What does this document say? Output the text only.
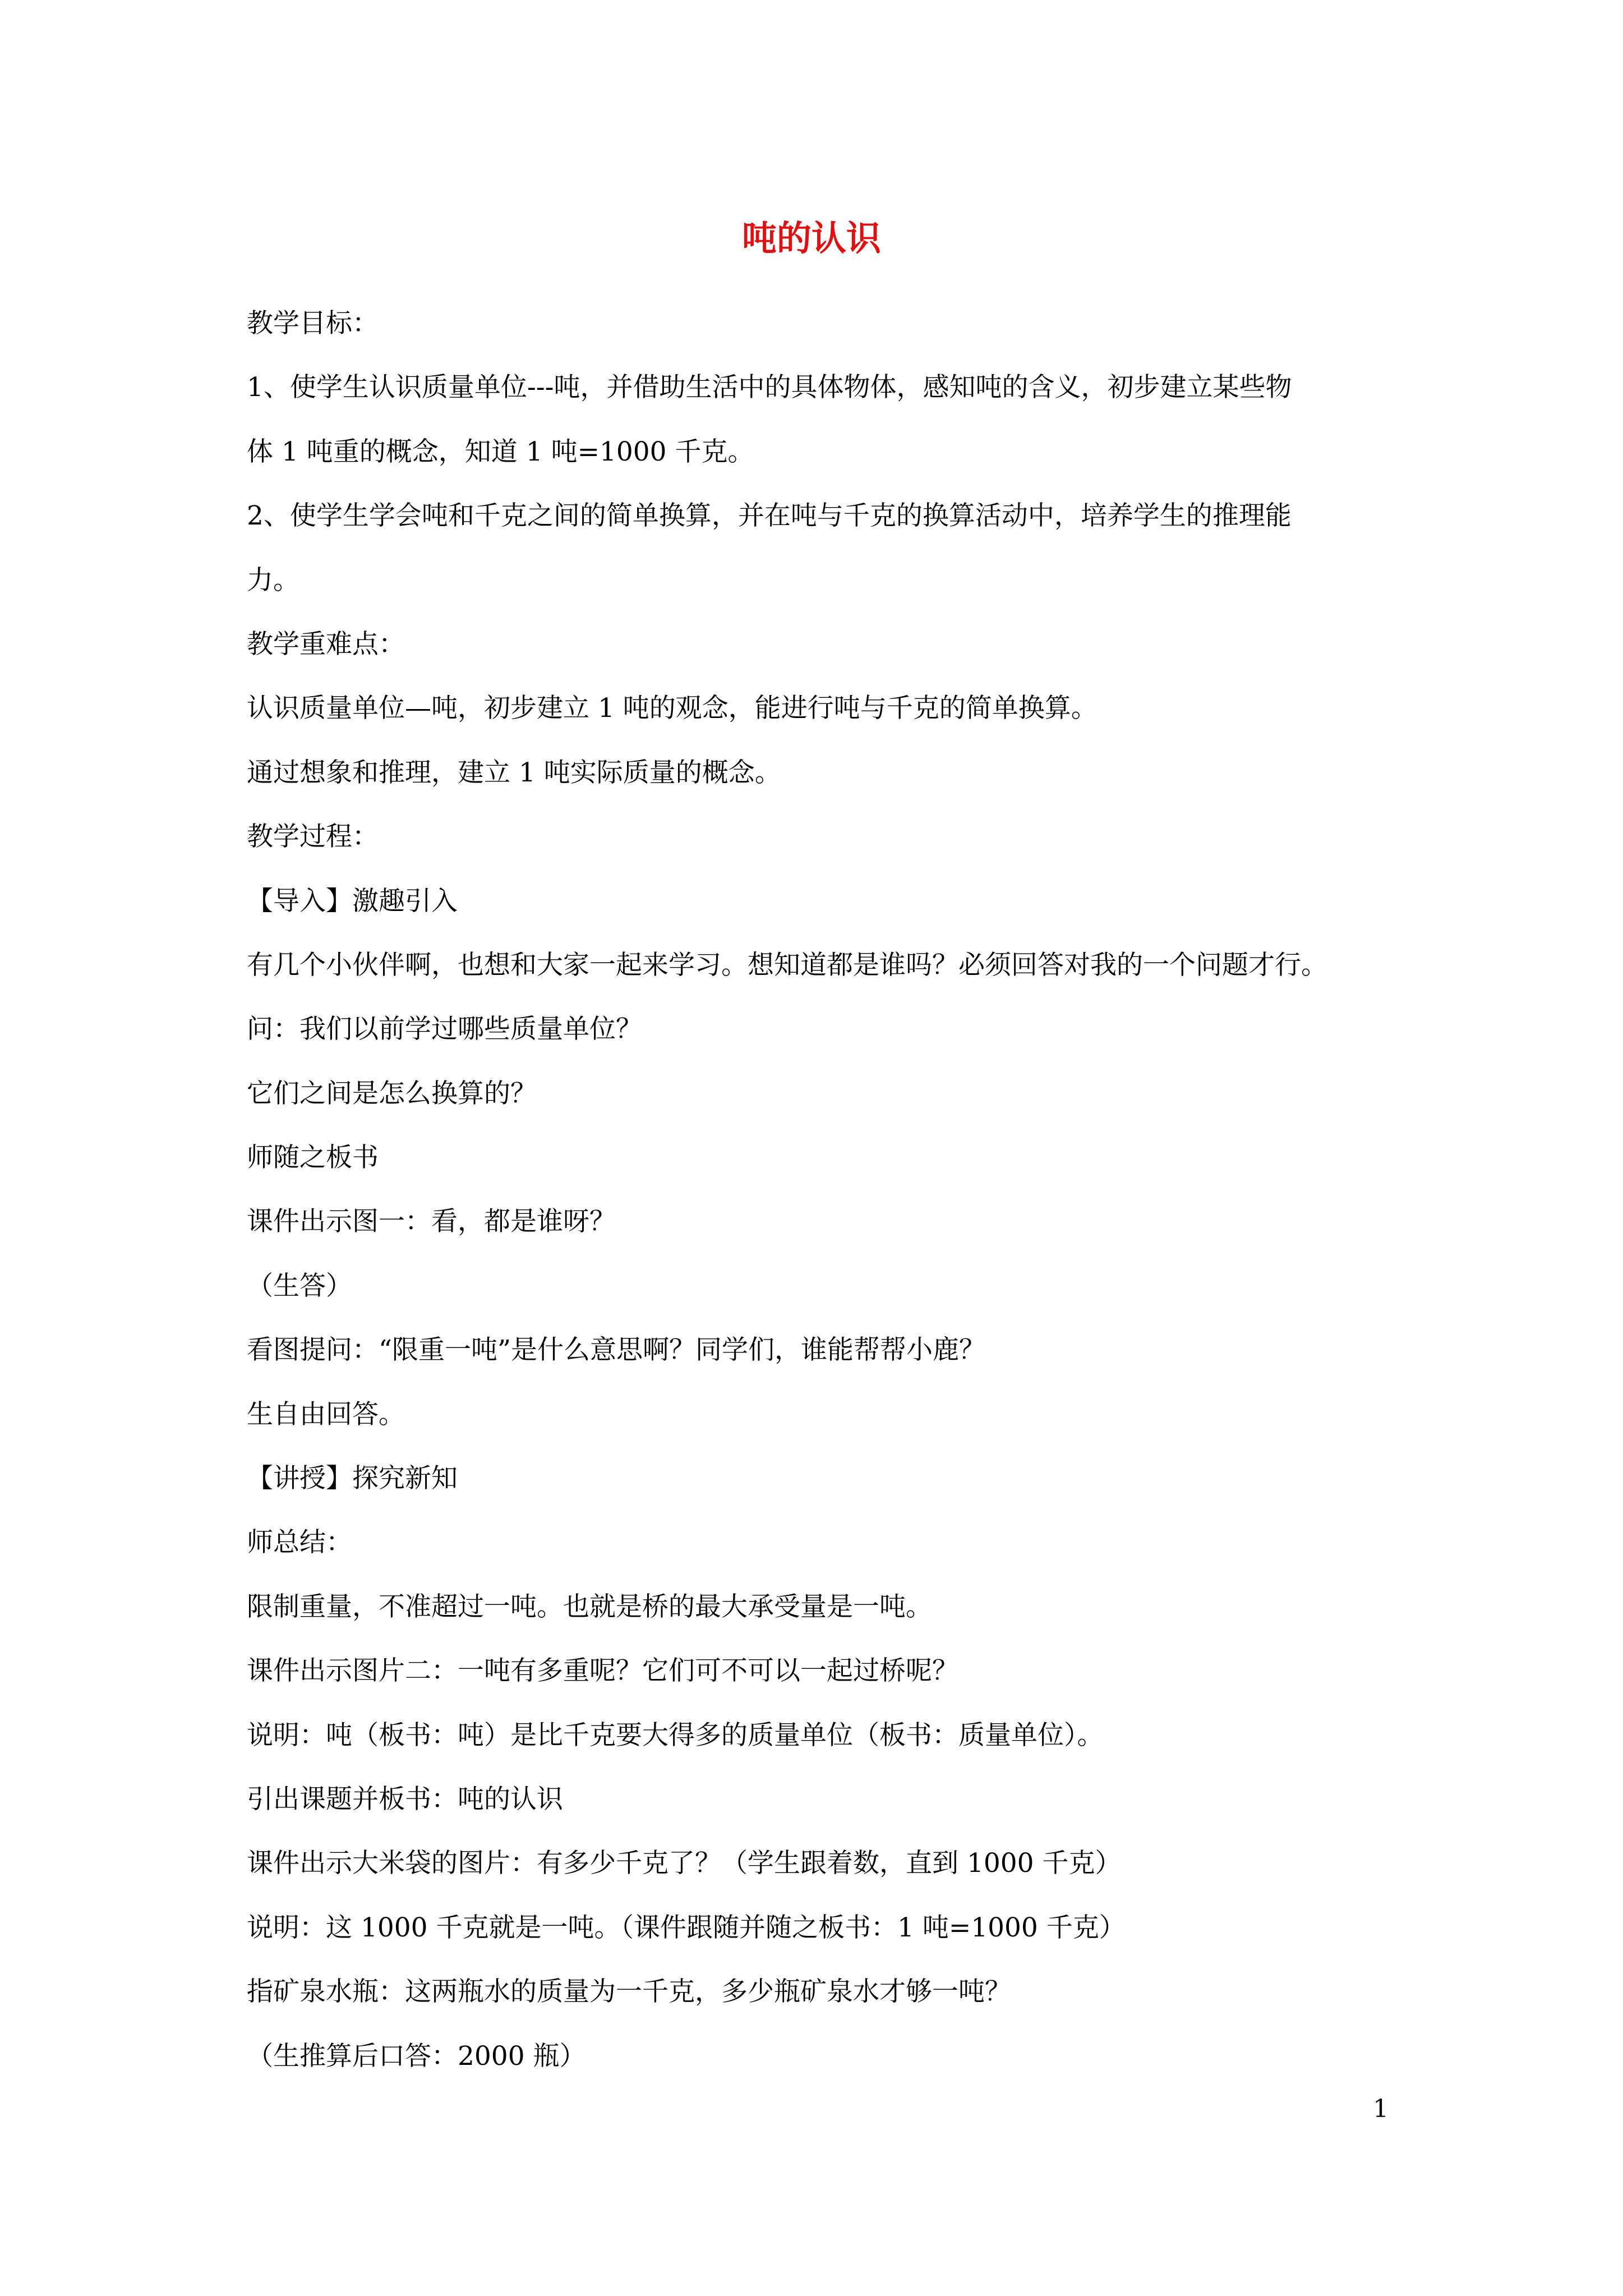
吨的认识
教学目标：
1、使学生认识质量单位---吨，并借助生活中的具体物体，感知吨的含义，初步建立某些物
体 1 吨重的概念，知道 1 吨=1000 千克。
2、使学生学会吨和千克之间的简单换算，并在吨与千克的换算活动中，培养学生的推理能
力。
教学重难点：
认识质量单位—吨，初步建立 1 吨的观念，能进行吨与千克的简单换算。
通过想象和推理，建立 1 吨实际质量的概念。
教学过程：
【导入】激趣引入
有几个小伙伴啊，也想和大家一起来学习。想知道都是谁吗？必须回答对我的一个问题才行。
问：我们以前学过哪些质量单位？
它们之间是怎么换算的？
师随之板书
课件出示图一：看，都是谁呀？
（生答）
看图提问：“限重一吨”是什么意思啊？同学们，谁能帮帮小鹿？
生自由回答。
【讲授】探究新知
师总结：
限制重量，不准超过一吨。也就是桥的最大承受量是一吨。
课件出示图片二：一吨有多重呢？它们可不可以一起过桥呢？
说明：吨（板书：吨）是比千克要大得多的质量单位（板书：质量单位）。
引出课题并板书：吨的认识
课件出示大米袋的图片：有多少千克了？（学生跟着数，直到 1000 千克）
说明：这 1000 千克就是一吨。（课件跟随并随之板书：1 吨=1000 千克）
指矿泉水瓶：这两瓶水的质量为一千克，多少瓶矿泉水才够一吨？
（生推算后口答：2000 瓶）
1
